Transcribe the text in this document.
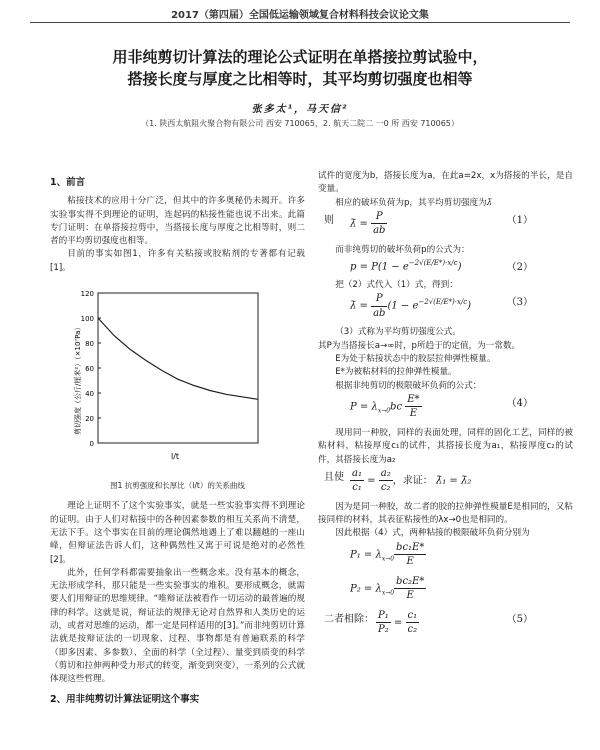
2017（第四届）全国低运输领域复合材料科技会议论文集
用非纯剪切计算法的理论公式证明在单搭接拉剪试验中，
搭接长度与厚度之比相等时，其平均剪切强度也相等
张多太¹，马天信²
（1. 陕西太航阻火聚合物有限公司 西安 710065，2. 航天二院二 一0 所 西安 710065）
1、前言

粘接技术的应用十分广泛，但其中的许多奥秘仍未揭开。许多实验事实得不到理论的证明，连起码的粘接性能也说不出来。此篇专门证明：在单搭接拉剪中，当搭接长度与厚度之比相等时，则二者的平均剪切强度也相等。

目前的事实如图1，许多有关粘接或胶粘剂的专著都有记载[1]。

120
100
80
60
40
20
0
剪切强度（公斤/厘米²）（×10⁷Pa）
l/t
图1 抗剪强度和长厚比（l/t）的关系曲线

理论上证明不了这个实验事实，就是一些实验事实得不到理论的证明。由于人们对粘接中的各种因素参数的相互关系尚不清楚，无法下手。这个事实在目前的理论偶然地遇上了难以翻越的一座山峰，但辩证法告诉人们，这种偶然性又寓于可说是绝对的必然性[2]。

此外，任何学科都需要抽象出一些概念来。没有基本的概念，无法形成学科，那只能是一些实验事实的堆积。要形成概念，就需要人们用辩证的思维规律。“唯辩证法被看作一切运动的最普遍的规律的科学。这就是说，辩证法的规律无论对自然界和人类历史的运动，或者对思维的运动，都一定是同样适用的[3]。”而非纯剪切计算法就是按辩证法的一切现象、过程、事物都是有普遍联系的科学（即多因素、多参数）、全面的科学（全过程）、量变到质变的科学（剪切和拉伸两种受力形式的转变，渐变到突变），一系列的公式就体现这些哲理。

2、用非纯剪切计算法证明这个事实

试件的宽度为b，搭接长度为a，在此a=2x，x为搭接的半长，是自变量。

相应的破坏负荷为p，其平均剪切强度为λ̄

则 λ̄ = $\frac{P}{ab}$	（1）

而非纯剪切的破坏负荷p的公式为：

$p = P(1 - e^{-2√(E/E*)\cdot x/c})$	（2）

把（2）式代入（1）式，得到：

λ̄ = $\frac{P}{ab} (1 - e^{-2√(E/E*)\cdot x/c})$	（3）

（3）式称为平均剪切强度公式。

其P为当搭接长a→∞时，p所趋于的定值，为一常数。

E为处于粘接状态中的胶层拉伸弹性模量。

E*为被粘材料的拉伸弹性模量。

根据非纯剪切的极限破坏负荷的公式：

$P = \lambda_{x\to 0}bc \frac{E*}{E}$	（4）

现用同一种胶，同样的表面处理，同样的固化工艺，同样的被粘材料，粘接厚度c₁的试件，其搭接长度为a₁，粘接厚度c₂的试件，其搭接长度为a₂

且使 $\frac{\text{a₁}}{\text{c₁}} = \frac{\text{a₂}}{\text{c₂}}$ ，求证： λ̄₁ = λ̄₂

因为是同一种胶，故二者的胶的拉伸弹性模量E是相同的，又粘接同样的材料，其表征粘接性的λx→0也是相同的。

因此根据（4）式，两种粘接的极限破坏负荷分别为

$P_1 = \lambda_{x\to 0} \frac{\text{bc₁E*}}{E}$
$P_2 = \lambda_{x\to 0} \frac{\text{bc₂E*}}{E}$
二者相除： $\frac{\text{P₁}}{\text{P₂}} = \frac{\text{c₁}}{\text{c₂}}$	（5）
